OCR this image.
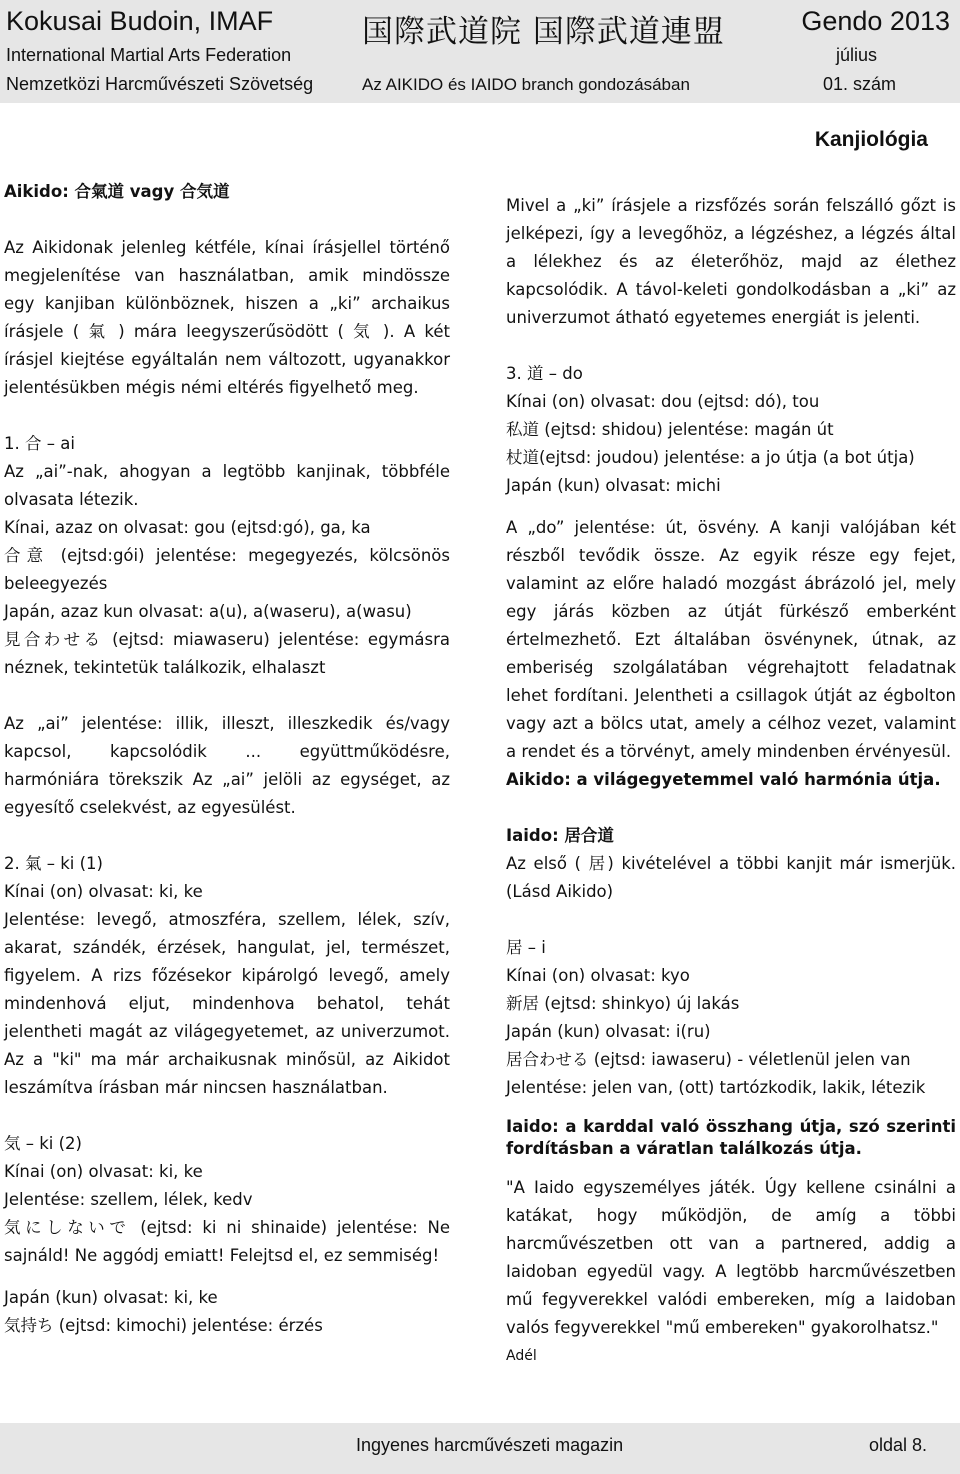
Kokusai Budoin, IMAF
International Martial Arts Federation
Nemzetközi Harcművészeti Szövetség
国際武道院 国際武道連盟
Az AIKIDO és IAIDO branch gondozásában
Gendo 2013
július
01. szám
Kanjiológia

Aikido: 合氣道 vagy 合気道

Az Aikidonak jelenleg kétféle, kínai írásjellel történő megjelenítése van használatban, amik mindössze egy kanjiban különböznek, hiszen a „ki” archaikus írásjele ( 氣 ) mára leegyszerűsödött ( 気 ). A két írásjel kiejtése egyáltalán nem változott, ugyanakkor jelentésükben mégis némi eltérés figyelhető meg.

1. 合 – ai

Az „ai”-nak, ahogyan a legtöbb kanjinak, többféle olvasata létezik.

Kínai, azaz on olvasat: gou (ejtsd:gó), ga, ka

合意 (ejtsd:gói) jelentése: megegyezés, kölcsönös beleegyezés

Japán, azaz kun olvasat: a(u), a(waseru), a(wasu)

見合わせる (ejtsd: miawaseru) jelentése: egymásra néznek, tekintetük találkozik, elhalaszt

Az „ai” jelentése: illik, illeszt, illeszkedik és/vagy kapcsol, kapcsolódik ... együttműködésre, harmóniára törekszik Az „ai” jelöli az egységet, az egyesítő cselekvést, az egyesülést.

2. 氣 – ki (1)

Kínai (on) olvasat: ki, ke

Jelentése: levegő, atmoszféra, szellem, lélek, szív, akarat, szándék, érzések, hangulat, jel, természet, figyelem. A rizs főzésekor kipárolgó levegő, amely mindenhová eljut, mindenhova behatol, tehát jelentheti magát az világegyetemet, az univerzumot. Az a "ki" ma már archaikusnak minősül, az Aikidot leszámítva írásban már nincsen használatban.

気 – ki (2)

Kínai (on) olvasat: ki, ke

Jelentése: szellem, lélek, kedv

気にしないで (ejtsd: ki ni shinaide) jelentése: Ne sajnáld! Ne aggódj emiatt! Felejtsd el, ez semmiség!

Japán (kun) olvasat: ki, ke

気持ち (ejtsd: kimochi) jelentése: érzés

Mivel a „ki” írásjele a rizsfőzés során felszálló gőzt is jelképezi, így a levegőhöz, a légzéshez, a légzés által a lélekhez és az életerőhöz, majd az élethez kapcsolódik. A távol-keleti gondolkodásban a „ki” az univerzumot átható egyetemes energiát is jelenti.

3. 道 – do

Kínai (on) olvasat: dou (ejtsd: dó), tou

私道 (ejtsd: shidou) jelentése: magán út

杖道(ejtsd: joudou) jelentése: a jo útja (a bot útja)

Japán (kun) olvasat: michi

A „do” jelentése: út, ösvény. A kanji valójában két részből tevődik össze. Az egyik része egy fejet, valamint az előre haladó mozgást ábrázoló jel, mely egy járás közben az útját fürkésző emberként értelmezhető. Ezt általában ösvénynek, útnak, az emberiség szolgálatában végrehajtott feladatnak lehet fordítani. Jelentheti a csillagok útját az égbolton vagy azt a bölcs utat, amely a célhoz vezet, valamint a rendet és a törvényt, amely mindenben érvényesül.

Aikido: a világegyetemmel való harmónia útja.

Iaido: 居合道

Az első ( 居) kivételével a többi kanjit már ismerjük. (Lásd Aikido)

居 – i

Kínai (on) olvasat: kyo

新居 (ejtsd: shinkyo) új lakás

Japán (kun) olvasat: i(ru)

居合わせる (ejtsd: iawaseru) - véletlenül jelen van

Jelentése: jelen van, (ott) tartózkodik, lakik, létezik

Iaido: a karddal való összhang útja, szó szerinti fordításban a váratlan találkozás útja.

"A Iaido egyszemélyes játék. Úgy kellene csinálni a katákat, hogy működjön, de amíg a többi harcművészetben ott van a partnered, addig a Iaidoban egyedül vagy. A legtöbb harcművészetben mű fegyverekkel valódi embereken, míg a Iaidoban valós fegyverekkel "mű embereken" gyakorolhatsz."

Adél

Ingyenes harcművészeti magazin	oldal 8.
